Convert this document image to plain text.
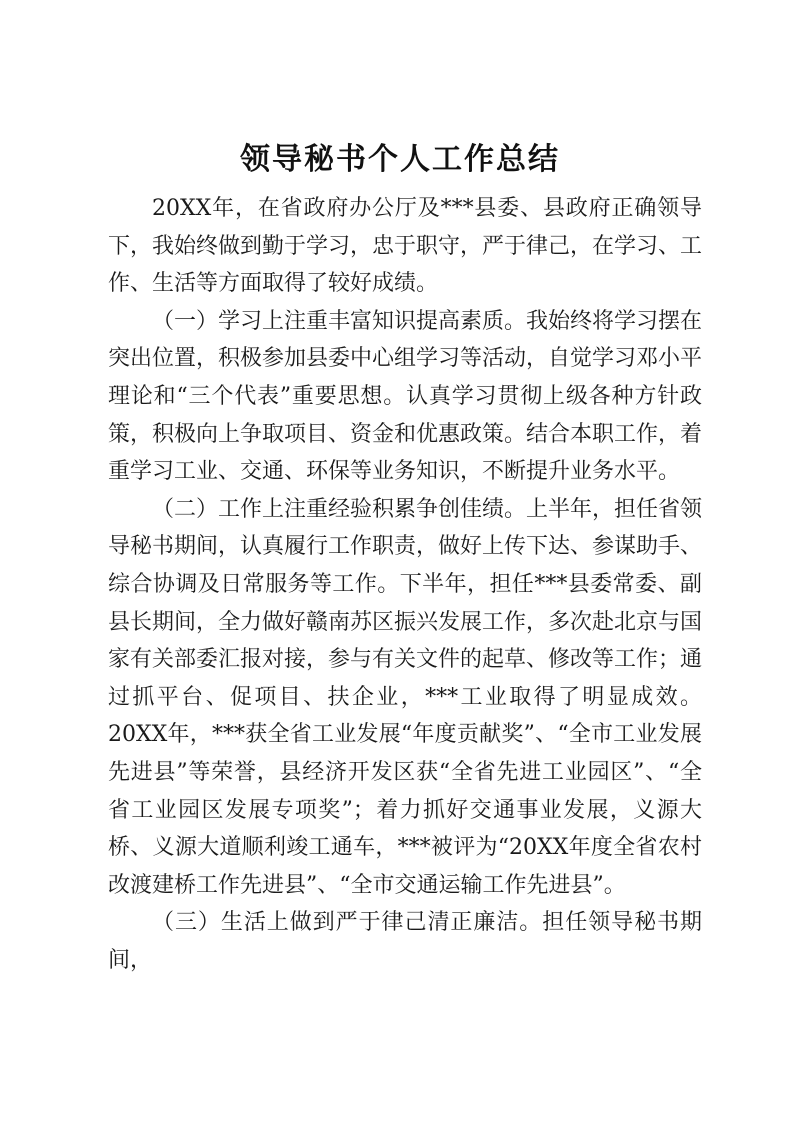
领导秘书个人工作总结

20XX年，在省政府办公厅及***县委、县政府正确领导下，我始终做到勤于学习，忠于职守，严于律己，在学习、工作、生活等方面取得了较好成绩。

（一）学习上注重丰富知识提高素质。我始终将学习摆在突出位置，积极参加县委中心组学习等活动，自觉学习邓小平理论和“三个代表”重要思想。认真学习贯彻上级各种方针政策，积极向上争取项目、资金和优惠政策。结合本职工作，着重学习工业、交通、环保等业务知识，不断提升业务水平。

（二）工作上注重经验积累争创佳绩。上半年，担任省领导秘书期间，认真履行工作职责，做好上传下达、参谋助手、综合协调及日常服务等工作。下半年，担任***县委常委、副县长期间，全力做好赣南苏区振兴发展工作，多次赴北京与国家有关部委汇报对接，参与有关文件的起草、修改等工作；通过抓平台、促项目、扶企业，***工业取得了明显成效。20XX年，***获全省工业发展“年度贡献奖”、“全市工业发展先进县”等荣誉，县经济开发区获“全省先进工业园区”、“全省工业园区发展专项奖”；着力抓好交通事业发展，义源大桥、义源大道顺利竣工通车，***被评为“20XX年度全省农村改渡建桥工作先进县”、“全市交通运输工作先进县”。

（三）生活上做到严于律己清正廉洁。担任领导秘书期间，
